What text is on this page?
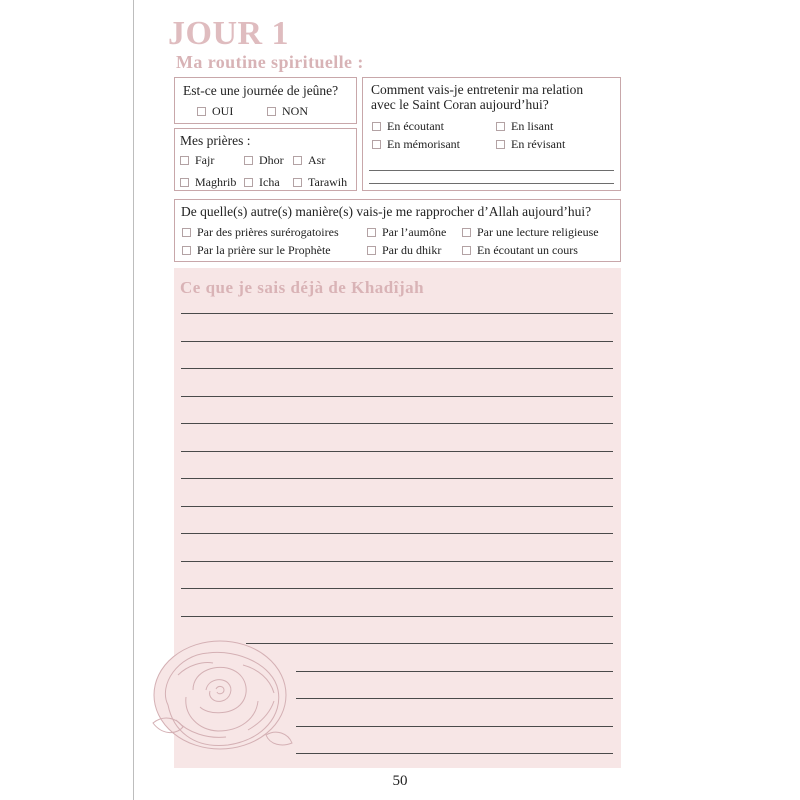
JOUR 1
Ma routine spirituelle :
Est-ce une journée de jeûne?
OUI	NON
Mes prières :
Fajr	Dhor Asr
Maghrib Icha Tarawih
Comment vais-je entretenir ma relation
avec le Saint Coran aujourd’hui?
En écoutant	En lisant
En mémorisant	En révisant
De quelle(s) autre(s) manière(s) vais-je me rapprocher d’Allah aujourd’hui?
Par des prières surérogatoires	Par l’aumône	Par une lecture religieuse
Par la prière sur le Prophète	Par du dhikr	En écoutant un cours
Ce que je sais déjà de Khadîjah
50
